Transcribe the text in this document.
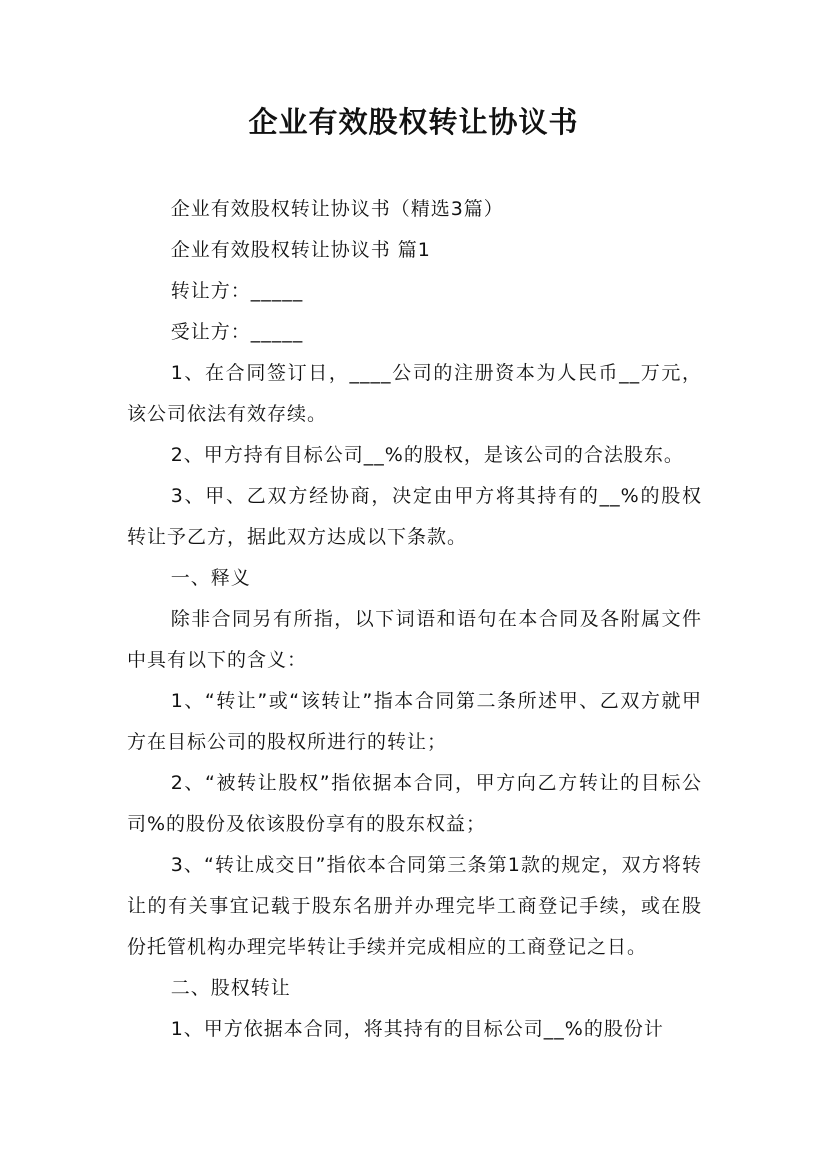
企业有效股权转让协议书

企业有效股权转让协议书（精选3篇）

企业有效股权转让协议书 篇1

转让方：_____

受让方：_____

1、在合同签订日，____公司的注册资本为人民币__万元，该公司依法有效存续。

2、甲方持有目标公司__%的股权，是该公司的合法股东。

3、甲、乙双方经协商，决定由甲方将其持有的__%的股权转让予乙方，据此双方达成以下条款。

一、释义

除非合同另有所指，以下词语和语句在本合同及各附属文件中具有以下的含义：

1、“转让”或“该转让”指本合同第二条所述甲、乙双方就甲方在目标公司的股权所进行的转让；

2、“被转让股权”指依据本合同，甲方向乙方转让的目标公司%的股份及依该股份享有的股东权益；

3、“转让成交日”指依本合同第三条第1款的规定，双方将转让的有关事宜记载于股东名册并办理完毕工商登记手续，或在股份托管机构办理完毕转让手续并完成相应的工商登记之日。

二、股权转让

1、甲方依据本合同，将其持有的目标公司__%的股份计
